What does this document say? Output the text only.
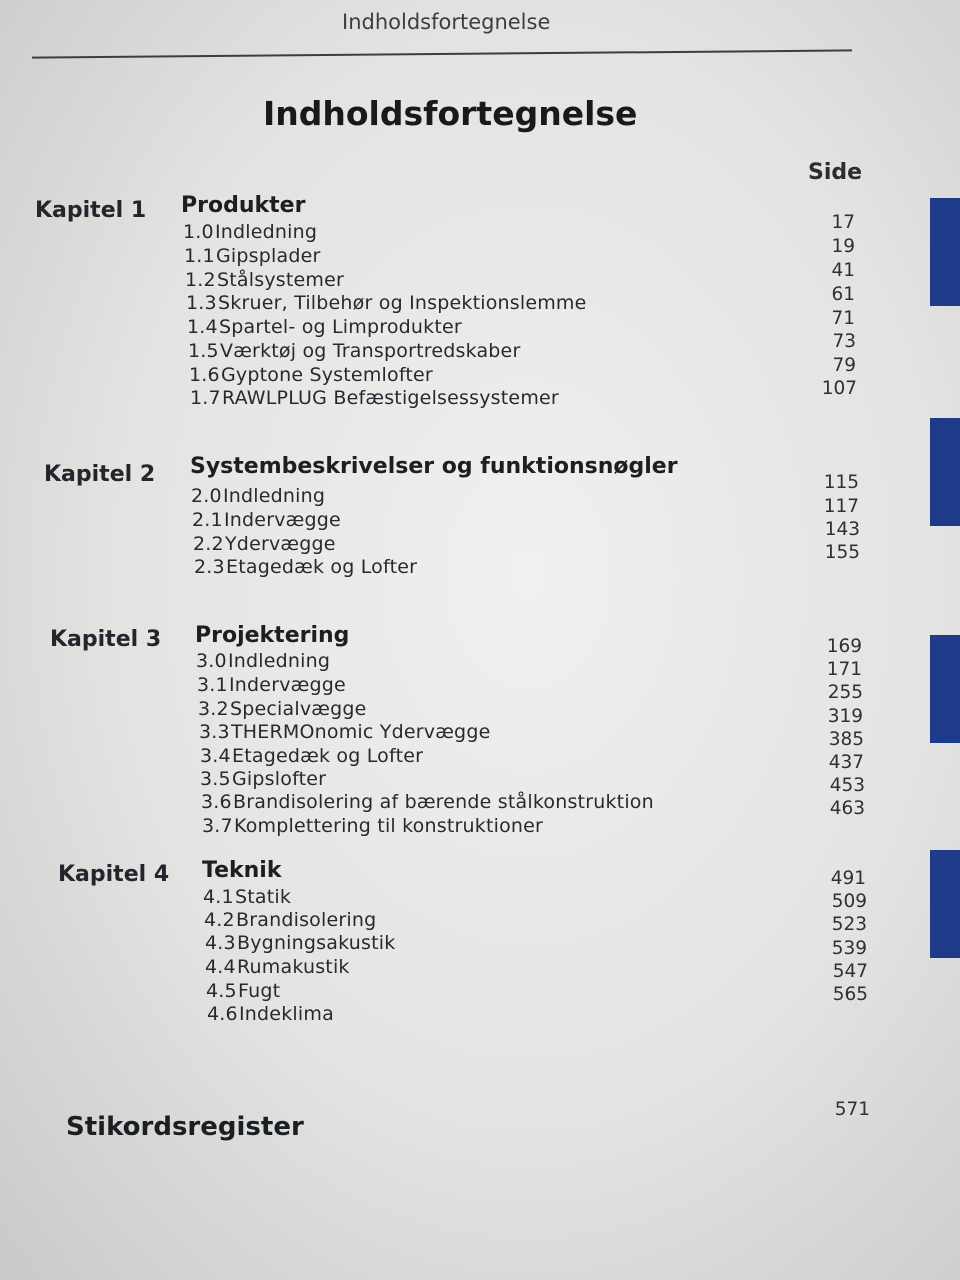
Indholdsfortegnelse
Indholdsfortegnelse
Side
Kapitel 1 Produkter
1.0Indledning
1.1Gipsplader
1.2Stålsystemer
1.3Skruer, Tilbehør og Inspektionslemme
1.4Spartel- og Limprodukter
1.5Værktøj og Transportredskaber
1.6Gyptone Systemlofter
1.7RAWLPLUG Befæstigelsessystemer
17
19
41
61
71
73
79
107
Kapitel 2 Systembeskrivelser og funktionsnøgler
2.0Indledning
2.1Indervægge
2.2Ydervægge
2.3Etagedæk og Lofter
115
117
143
155
Kapitel 3 Projektering
3.0Indledning
3.1Indervægge
3.2Specialvægge
3.3THERMOnomic Ydervægge
3.4Etagedæk og Lofter
3.5Gipslofter
3.6Brandisolering af bærende stålkonstruktion
3.7Komplettering til konstruktioner
169
171
255
319
385
437
453
463
Kapitel 4 Teknik
4.1Statik
4.2Brandisolering
4.3Bygningsakustik
4.4Rumakustik
4.5Fugt
4.6Indeklima
491
509
523
539
547
565
Stikordsregister
571
